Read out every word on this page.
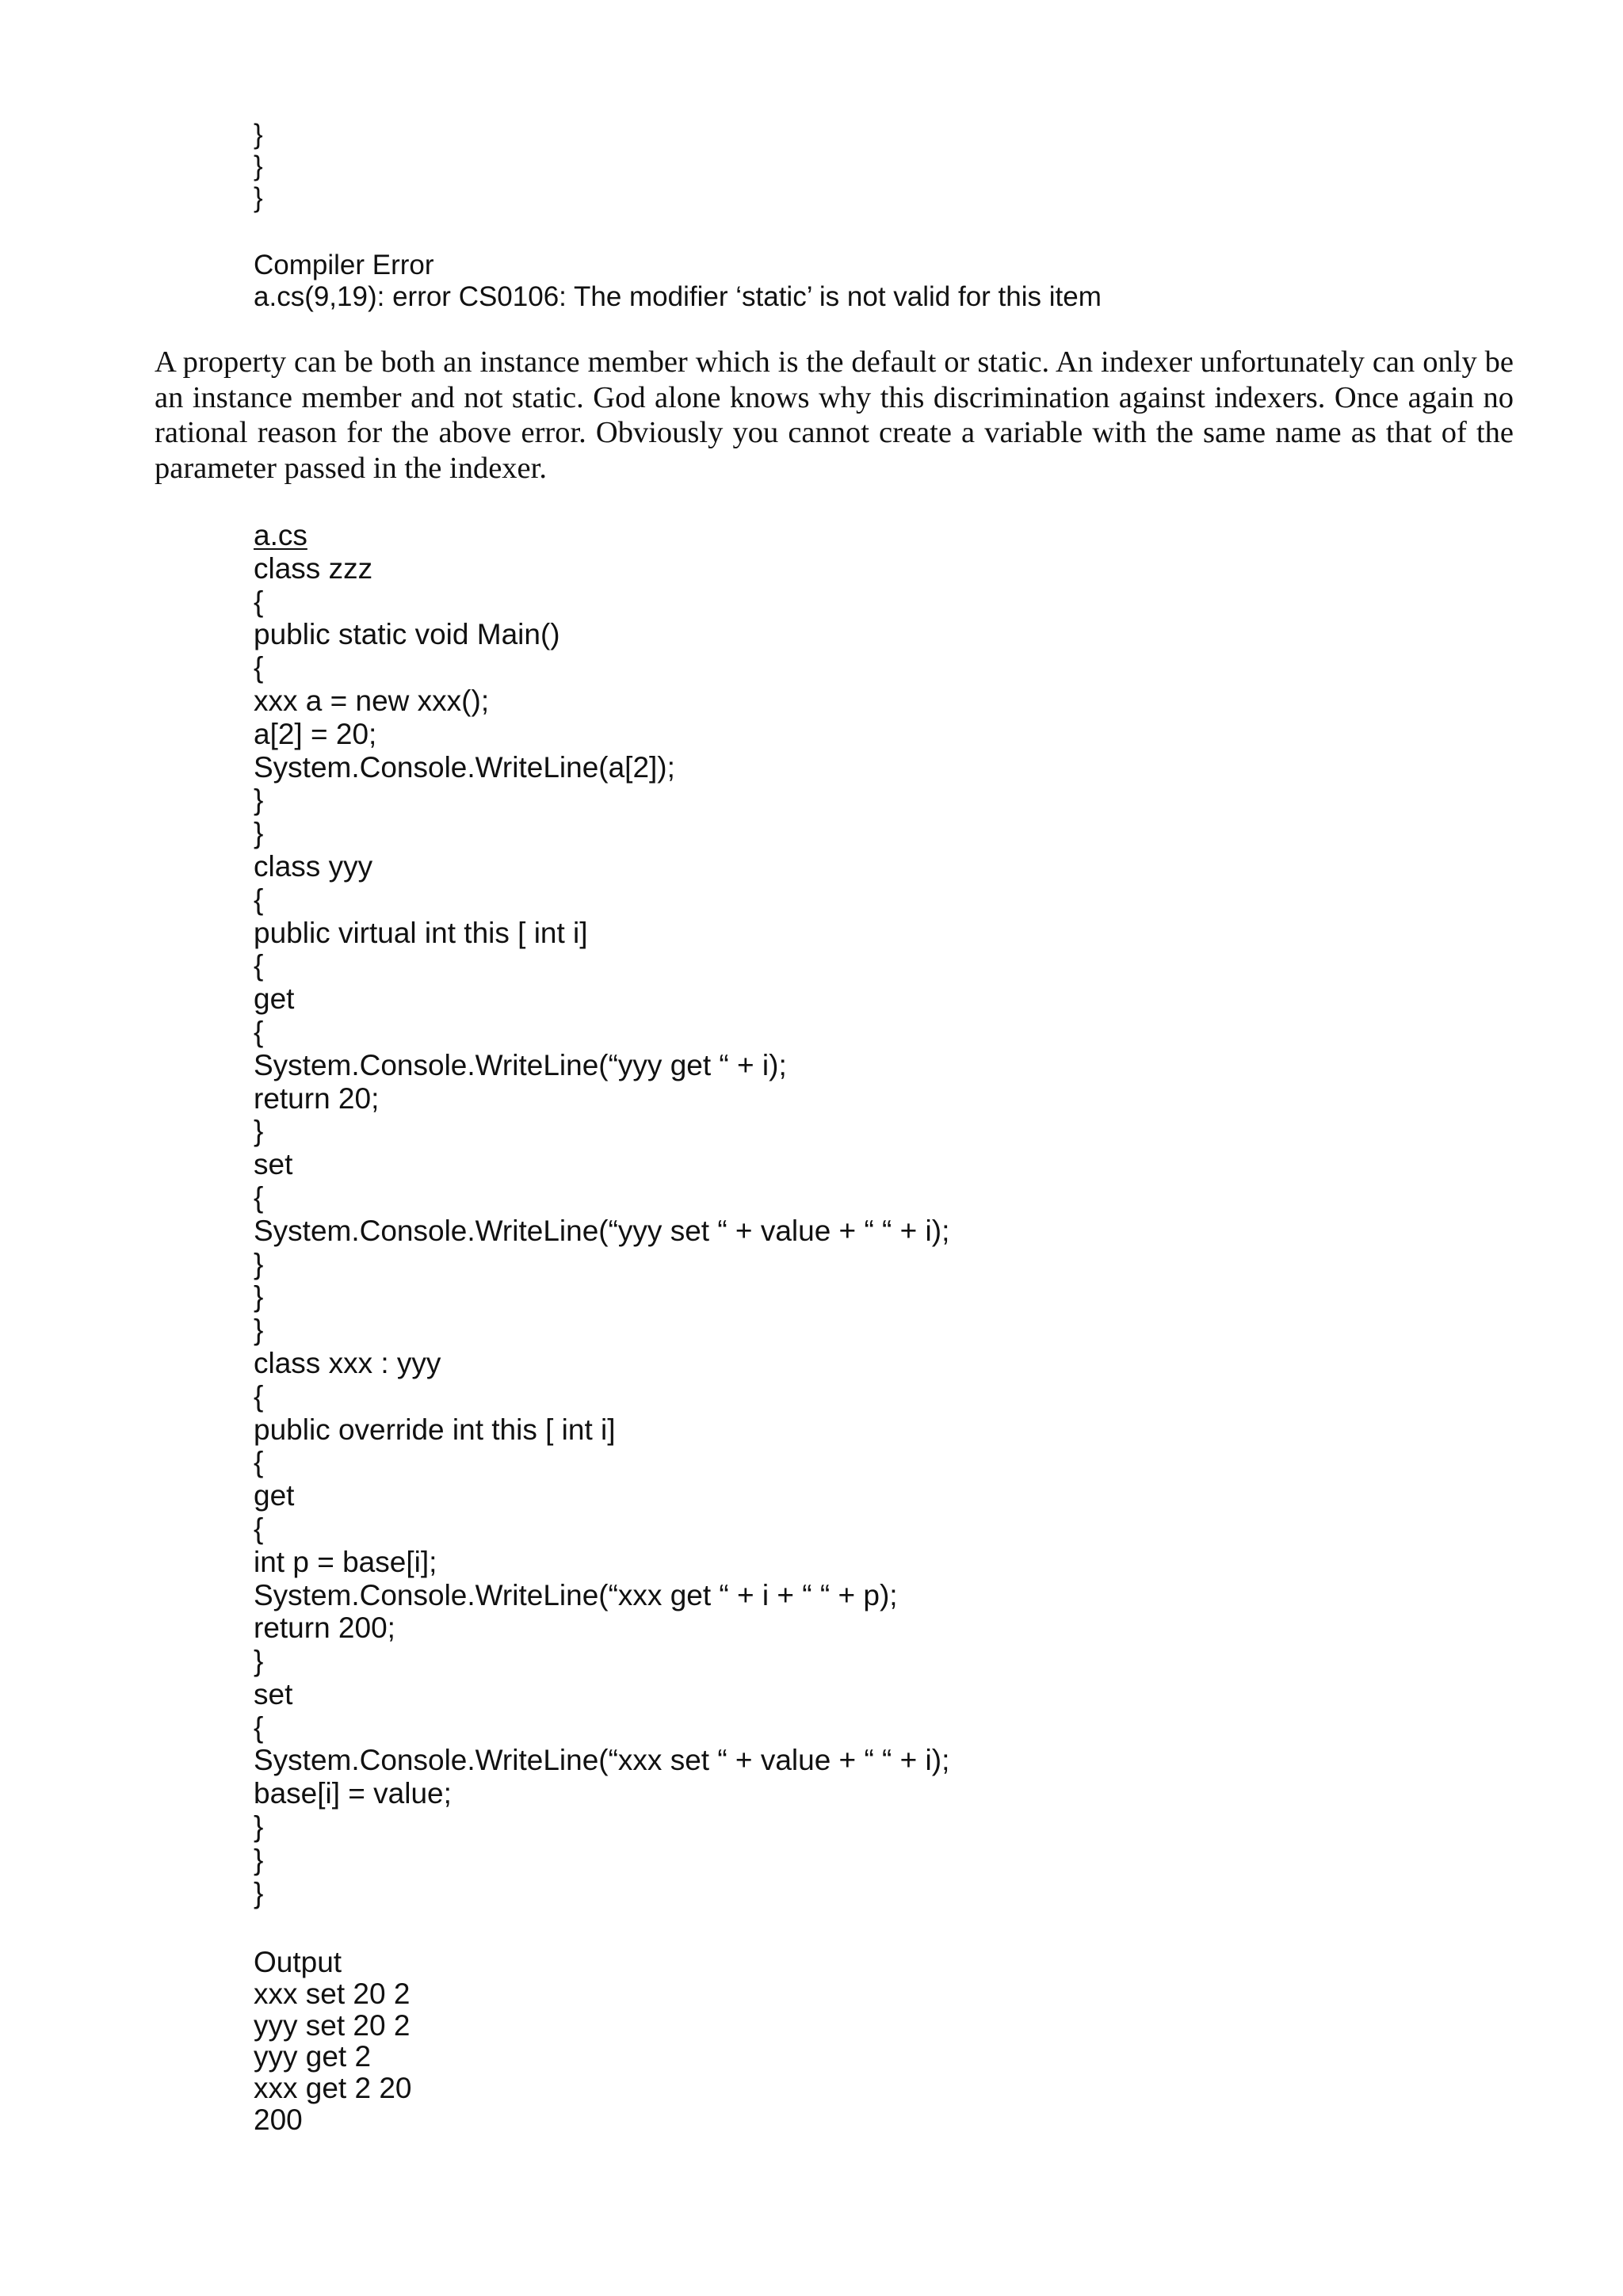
}
}
}
Compiler Error
a.cs(9,19): error CS0106: The modifier ‘static’ is not valid for this item

A property can be both an instance member which is the default or static. An indexer unfortunately can only be an instance member and not static. God alone knows why this discrimination against indexers. Once again no rational reason for the above error. Obviously you cannot create a variable with the same name as that of the parameter passed in the indexer.

a.cs
class zzz
{
public static void Main()
{
xxx a = new xxx();
a[2] = 20;
System.Console.WriteLine(a[2]);
}
}
class yyy
{
public virtual int this [ int i]
{
get
{
System.Console.WriteLine(“yyy get “ + i);
return 20;
}
set
{
System.Console.WriteLine(“yyy set “ + value + “ “ + i);
}
}
}
class xxx : yyy
{
public override int this [ int i]
{
get
{
int p = base[i];
System.Console.WriteLine(“xxx get “ + i + “ “ + p);
return 200;
}
set
{
System.Console.WriteLine(“xxx set “ + value + “ “ + i);
base[i] = value;
}
}
}
Output
xxx set 20 2
yyy set 20 2
yyy get 2
xxx get 2 20
200
